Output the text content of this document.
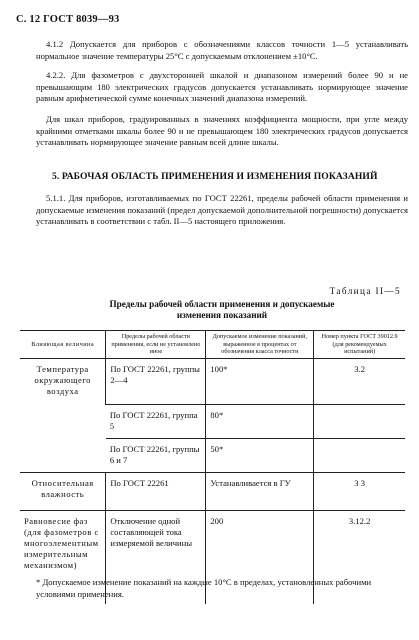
С. 12 ГОСТ 8039—93
4.1.2 Допускается для приборов с обозначениями классов точности 1—5 устанавливать нормальное значение температуры 25°С с допускаемым отклонением ±10°С.
4.2.2. Для фазометров с двухсторонней шкалой и диапазоном измерений более 90 и не превышающим 180 электрических градусов допускается устанавливать нормирующее значение равным арифметической сумме конечных значений диапазона измерений.
Для шкал приборов, градуированных в значениях коэффициента мощности, при угле между крайними отметками шкалы более 90 и не превышающем 180 электрических градусов допускается устанавливать нормирующее значение равным всей длине шкалы.
5. РАБОЧАЯ ОБЛАСТЬ ПРИМЕНЕНИЯ И ИЗМЕНЕНИЯ ПОКАЗАНИЙ
5.1.1. Для приборов, изготавливаемых по ГОСТ 22261, пределы рабочей области применения и допускаемые изменения показаний (предел допускаемой дополнительной погрешности) допускается устанавливать в соответствии с табл. II—5 настоящего приложения.
Таблица II—5
Пределы рабочей области применения и допускаемые
изменения показаний
Влияющая величина	Пределы рабочей области применения, если не установлено иное	Допускаемое изменение показаний, выраженное в процентах от обозначения класса точности	Номер пункта ГОСТ 39012.9 (для рекомендуемых испытаний)
Температура окружающего воздуха	По ГОСТ 22261, группы 2—4	100*	3.2
	По ГОСТ 22261, группа 5	80*	
	По ГОСТ 22261, группы 6 и 7	50*	
Относительная влажность	По ГОСТ 22261	Устанавливается в ГУ	3 3
Равновесие фаз (для фазометров с многоэлементным измерительным механизмом)	Отключение одной составляющей тока измеряемой величины	200	3.12.2
* Допускаемое изменение показаний на каждые 10°С в пределах, установленных рабочими условиями применения.
